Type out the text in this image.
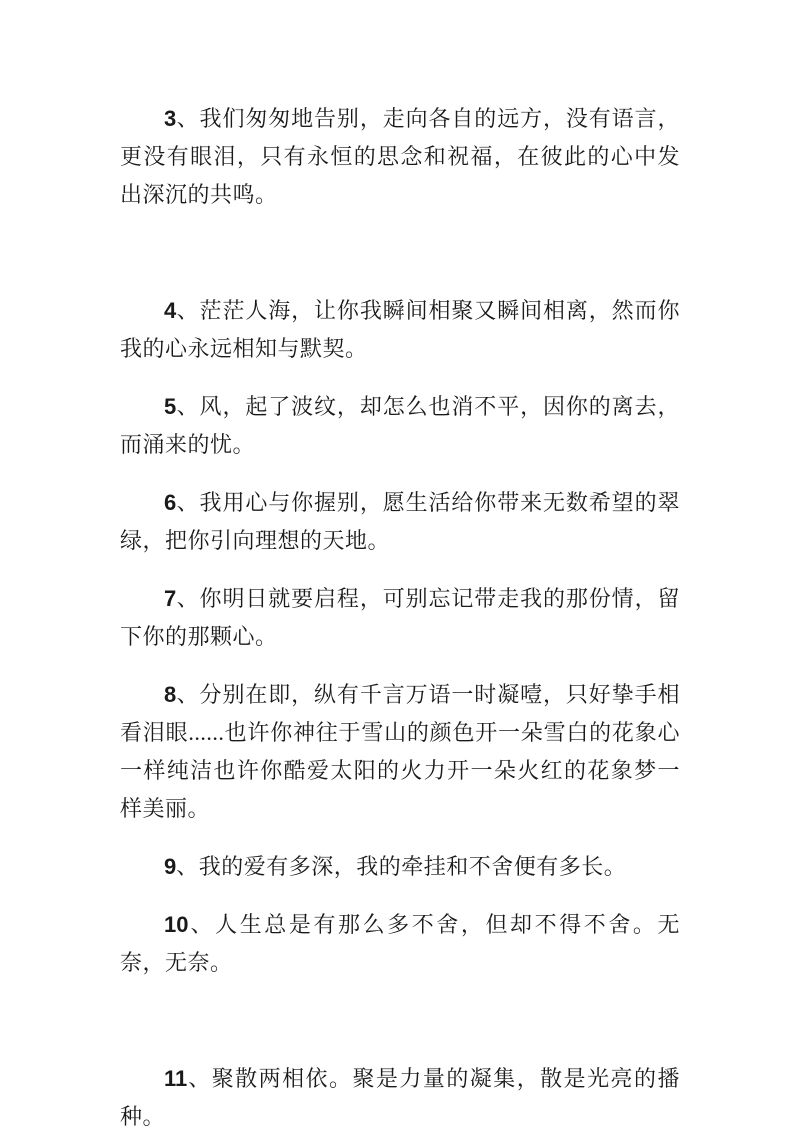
3、我们匆匆地告别，走向各自的远方，没有语言，更没有眼泪，只有永恒的思念和祝福，在彼此的心中发出深沉的共鸣。

4、茫茫人海，让你我瞬间相聚又瞬间相离，然而你我的心永远相知与默契。

5、风，起了波纹，却怎么也消不平，因你的离去，而涌来的忧。

6、我用心与你握别，愿生活给你带来无数希望的翠绿，把你引向理想的天地。

7、你明日就要启程，可别忘记带走我的那份情，留下你的那颗心。

8、分别在即，纵有千言万语一时凝噎，只好挚手相看泪眼......也许你神往于雪山的颜色开一朵雪白的花象心一样纯洁也许你酷爱太阳的火力开一朵火红的花象梦一样美丽。

9、我的爱有多深，我的牵挂和不舍便有多长。

10、人生总是有那么多不舍，但却不得不舍。无奈，无奈。

11、聚散两相依。聚是力量的凝集，散是光亮的播种。
